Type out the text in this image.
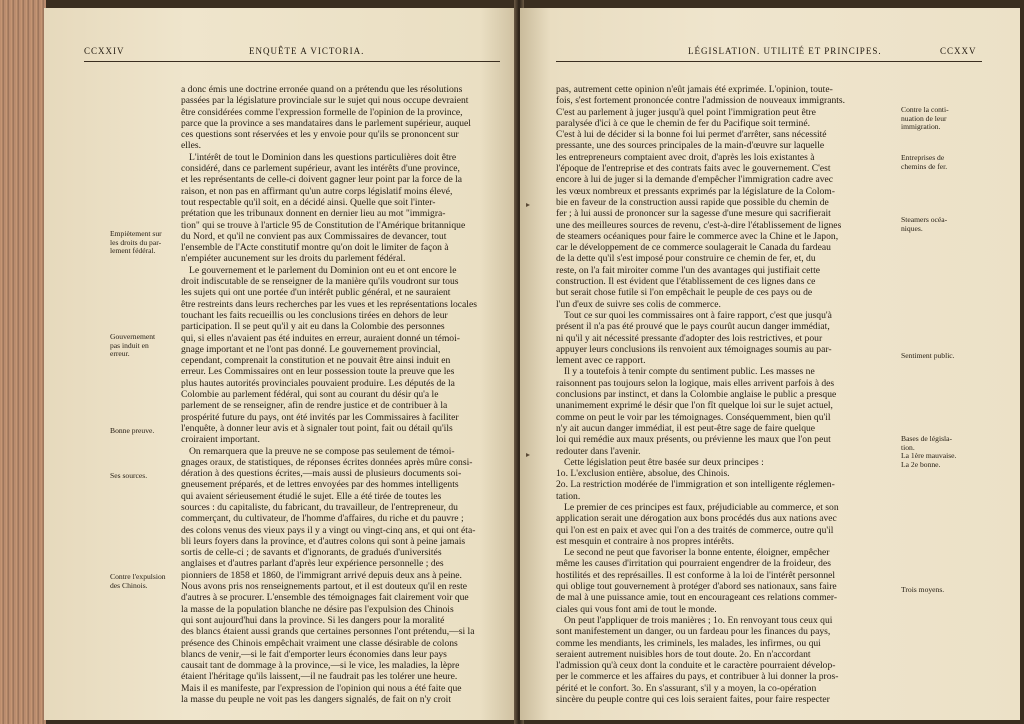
CCXXIV	ENQUÊTE A VICTORIA.

a donc émis une doctrine erronée quand on a prétendu que les résolutions
passées par la législature provinciale sur le sujet qui nous occupe devraient
être considérées comme l'expression formelle de l'opinion de la province,
parce que la province a ses mandataires dans le parlement supérieur, auquel
ces questions sont réservées et les y envoie pour qu'ils se prononcent sur
elles.

L'intérêt de tout le Dominion dans les questions particulières doit être
considéré, dans ce parlement supérieur, avant les intérêts d'une province,
et les représentants de celle-ci doivent gagner leur point par la force de la
raison, et non pas en affirmant qu'un autre corps législatif moins élevé,
tout respectable qu'il soit, en a décidé ainsi. Quelle que soit l'inter-
prétation que les tribunaux donnent en dernier lieu au mot "immigra-
tion" qui se trouve à l'article 95 de Constitution de l'Amérique britannique
du Nord, et qu'il ne convient pas aux Commissaires de devancer, tout
l'ensemble de l'Acte constitutif montre qu'on doit le limiter de façon à
n'empiéter aucunement sur les droits du parlement fédéral.

Le gouvernement et le parlement du Dominion ont eu et ont encore le
droit indiscutable de se renseigner de la manière qu'ils voudront sur tous
les sujets qui ont une portée d'un intérêt public général, et ne sauraient
être restreints dans leurs recherches par les vues et les représentations locales
touchant les faits recueillis ou les conclusions tirées en dehors de leur
participation. Il se peut qu'il y ait eu dans la Colombie des personnes
qui, si elles n'avaient pas été induites en erreur, auraient donné un témoi-
gnage important et ne l'ont pas donné. Le gouvernement provincial,
cependant, comprenait la constitution et ne pouvait être ainsi induit en
erreur. Les Commissaires ont en leur possession toute la preuve que les
plus hautes autorités provinciales pouvaient produire. Les députés de la
Colombie au parlement fédéral, qui sont au courant du désir qu'a le
parlement de se renseigner, afin de rendre justice et de contribuer à la
prospérité future du pays, ont été invités par les Commissaires à faciliter
l'enquête, à donner leur avis et à signaler tout point, fait ou détail qu'ils
croiraient important.

On remarquera que la preuve ne se compose pas seulement de témoi-
gnages oraux, de statistiques, de réponses écrites données après mûre consi-
dération à des questions écrites,—mais aussi de plusieurs documents soi-
gneusement préparés, et de lettres envoyées par des hommes intelligents
qui avaient sérieusement étudié le sujet. Elle a été tirée de toutes les
sources : du capitaliste, du fabricant, du travailleur, de l'entrepreneur, du
commerçant, du cultivateur, de l'homme d'affaires, du riche et du pauvre ;
des colons venus des vieux pays il y a vingt ou vingt-cinq ans, et qui ont éta-
bli leurs foyers dans la province, et d'autres colons qui sont à peine jamais
sortis de celle-ci ; de savants et d'ignorants, de gradués d'universités
anglaises et d'autres parlant d'après leur expérience personnelle ; des
pionniers de 1858 et 1860, de l'immigrant arrivé depuis deux ans à peine.
Nous avons pris nos renseignements partout, et il est douteux qu'il en reste
d'autres à se procurer. L'ensemble des témoignages fait clairement voir que
la masse de la population blanche ne désire pas l'expulsion des Chinois
qui sont aujourd'hui dans la province. Si les dangers pour la moralité
des blancs étaient aussi grands que certaines personnes l'ont prétendu,—si la
présence des Chinois empêchait vraiment une classe désirable de colons
blancs de venir,—si le fait d'emporter leurs économies dans leur pays
causait tant de dommage à la province,—si le vice, les maladies, la lèpre
étaient l'héritage qu'ils laissent,—il ne faudrait pas les tolérer une heure.
Mais il es manifeste, par l'expression de l'opinion qui nous a été faite que
la masse du peuple ne voit pas les dangers signalés, de fait on n'y croit

Empiètement sur
les droits du par-
lement fédéral.
Gouvernement
pas induit en
erreur.
Bonne preuve.
Ses sources.
Contre l'expulsion
des Chinois.
LÉGISLATION. UTILITÉ ET PRINCIPES.	CCXXV

pas, autrement cette opinion n'eût jamais été exprimée. L'opinion, toute-
fois, s'est fortement prononcée contre l'admission de nouveaux immigrants.
C'est au parlement à juger jusqu'à quel point l'immigration peut être
paralysée d'ici à ce que le chemin de fer du Pacifique soit terminé.
C'est à lui de décider si la bonne foi lui permet d'arrêter, sans nécessité
pressante, une des sources principales de la main-d'œuvre sur laquelle
les entrepreneurs comptaient avec droit, d'après les lois existantes à
l'époque de l'entreprise et des contrats faits avec le gouvernement. C'est
encore à lui de juger si la demande d'empêcher l'immigration cadre avec
les vœux nombreux et pressants exprimés par la législature de la Colom-
bie en faveur de la construction aussi rapide que possible du chemin de
fer ; à lui aussi de prononcer sur la sagesse d'une mesure qui sacrifierait
une des meilleures sources de revenu, c'est-à-dire l'établissement de lignes
de steamers océaniques pour faire le commerce avec la Chine et le Japon,
car le développement de ce commerce soulagerait le Canada du fardeau
de la dette qu'il s'est imposé pour construire ce chemin de fer, et, du
reste, on l'a fait miroiter comme l'un des avantages qui justifiait cette
construction. Il est évident que l'établissement de ces lignes dans ce
but serait chose futile si l'on empêchait le peuple de ces pays ou de
l'un d'eux de suivre ses colis de commerce.

Tout ce sur quoi les commissaires ont à faire rapport, c'est que jusqu'à
présent il n'a pas été prouvé que le pays courût aucun danger immédiat,
ni qu'il y ait nécessité pressante d'adopter des lois restrictives, et pour
appuyer leurs conclusions ils renvoient aux témoignages soumis au par-
lement avec ce rapport.

Il y a toutefois à tenir compte du sentiment public. Les masses ne
raisonnent pas toujours selon la logique, mais elles arrivent parfois à des
conclusions par instinct, et dans la Colombie anglaise le public a presque
unanimement exprimé le désir que l'on fît quelque loi sur le sujet actuel,
comme on peut le voir par les témoignages. Conséquemment, bien qu'il
n'y ait aucun danger immédiat, il est peut-être sage de faire quelque
loi qui remédie aux maux présents, ou prévienne les maux que l'on peut
redouter dans l'avenir.

Cette législation peut être basée sur deux principes :
1o. L'exclusion entière, absolue, des Chinois.
2o. La restriction modérée de l'immigration et son intelligente réglemen-
tation.

Le premier de ces principes est faux, préjudiciable au commerce, et son
application serait une dérogation aux bons procédés dus aux nations avec
qui l'on est en paix et avec qui l'on a des traités de commerce, outre qu'il
est mesquin et contraire à nos propres intérêts.

Le second ne peut que favoriser la bonne entente, éloigner, empêcher
même les causes d'irritation qui pourraient engendrer de la froideur, des
hostilités et des représailles. Il est conforme à la loi de l'intérêt personnel
qui oblige tout gouvernement à protéger d'abord ses nationaux, sans faire
de mal à une puissance amie, tout en encourageant ces relations commer-
ciales qui vous font ami de tout le monde.

On peut l'appliquer de trois manières ; 1o. En renvoyant tous ceux qui
sont manifestement un danger, ou un fardeau pour les finances du pays,
comme les mendiants, les criminels, les malades, les infirmes, ou qui
seraient autrement nuisibles hors de tout doute. 2o. En n'accordant
l'admission qu'à ceux dont la conduite et le caractère pourraient dévelop-
per le commerce et les affaires du pays, et contribuer à lui donner la pros-
périté et le confort. 3o. En s'assurant, s'il y a moyen, la co-opération
sincère du peuple contre qui ces lois seraient faites, pour faire respecter

Contre la conti-
nuation de leur
immigration.
Entreprises de
chemins de fer.
Steamers océa-
niques.
Sentiment public.
Bases de législa-
tion.
La 1ère mauvaise.
La 2e bonne.
Trois moyens.
